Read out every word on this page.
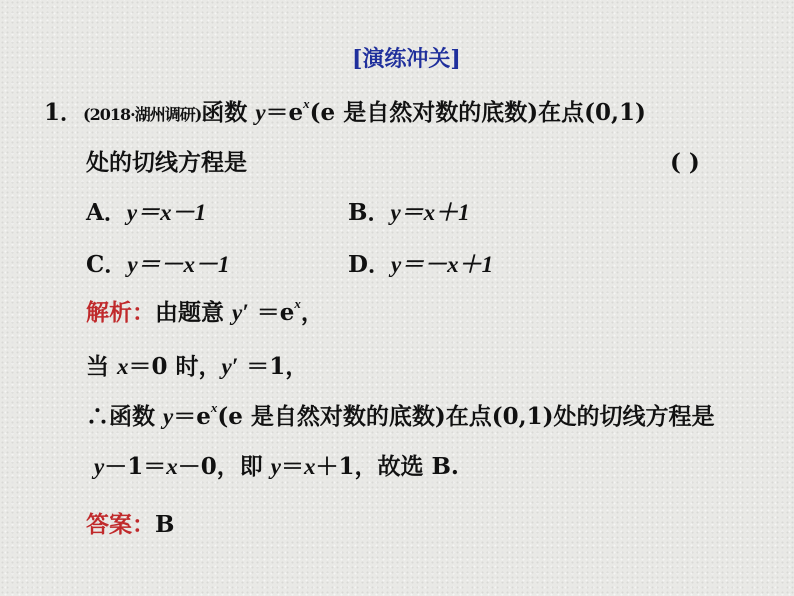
[演练冲关]
1．(2018·湖州调研)函数 $y=e^x(e$ 是自然对数的底数)在点(0,1)
处的切线方程是	( )
A．y＝x－1	B．y＝x＋1
C．y＝－x－1	D．y＝－x＋1
解析：由题意 $y' =e^x$，
当 x＝0 时，y′ ＝1，
∴函数 $y=e^x(e$ 是自然对数的底数)在点(0,1)处的切线方程是
y－1＝x－0，即 y＝x＋1，故选 B.
答案：B
